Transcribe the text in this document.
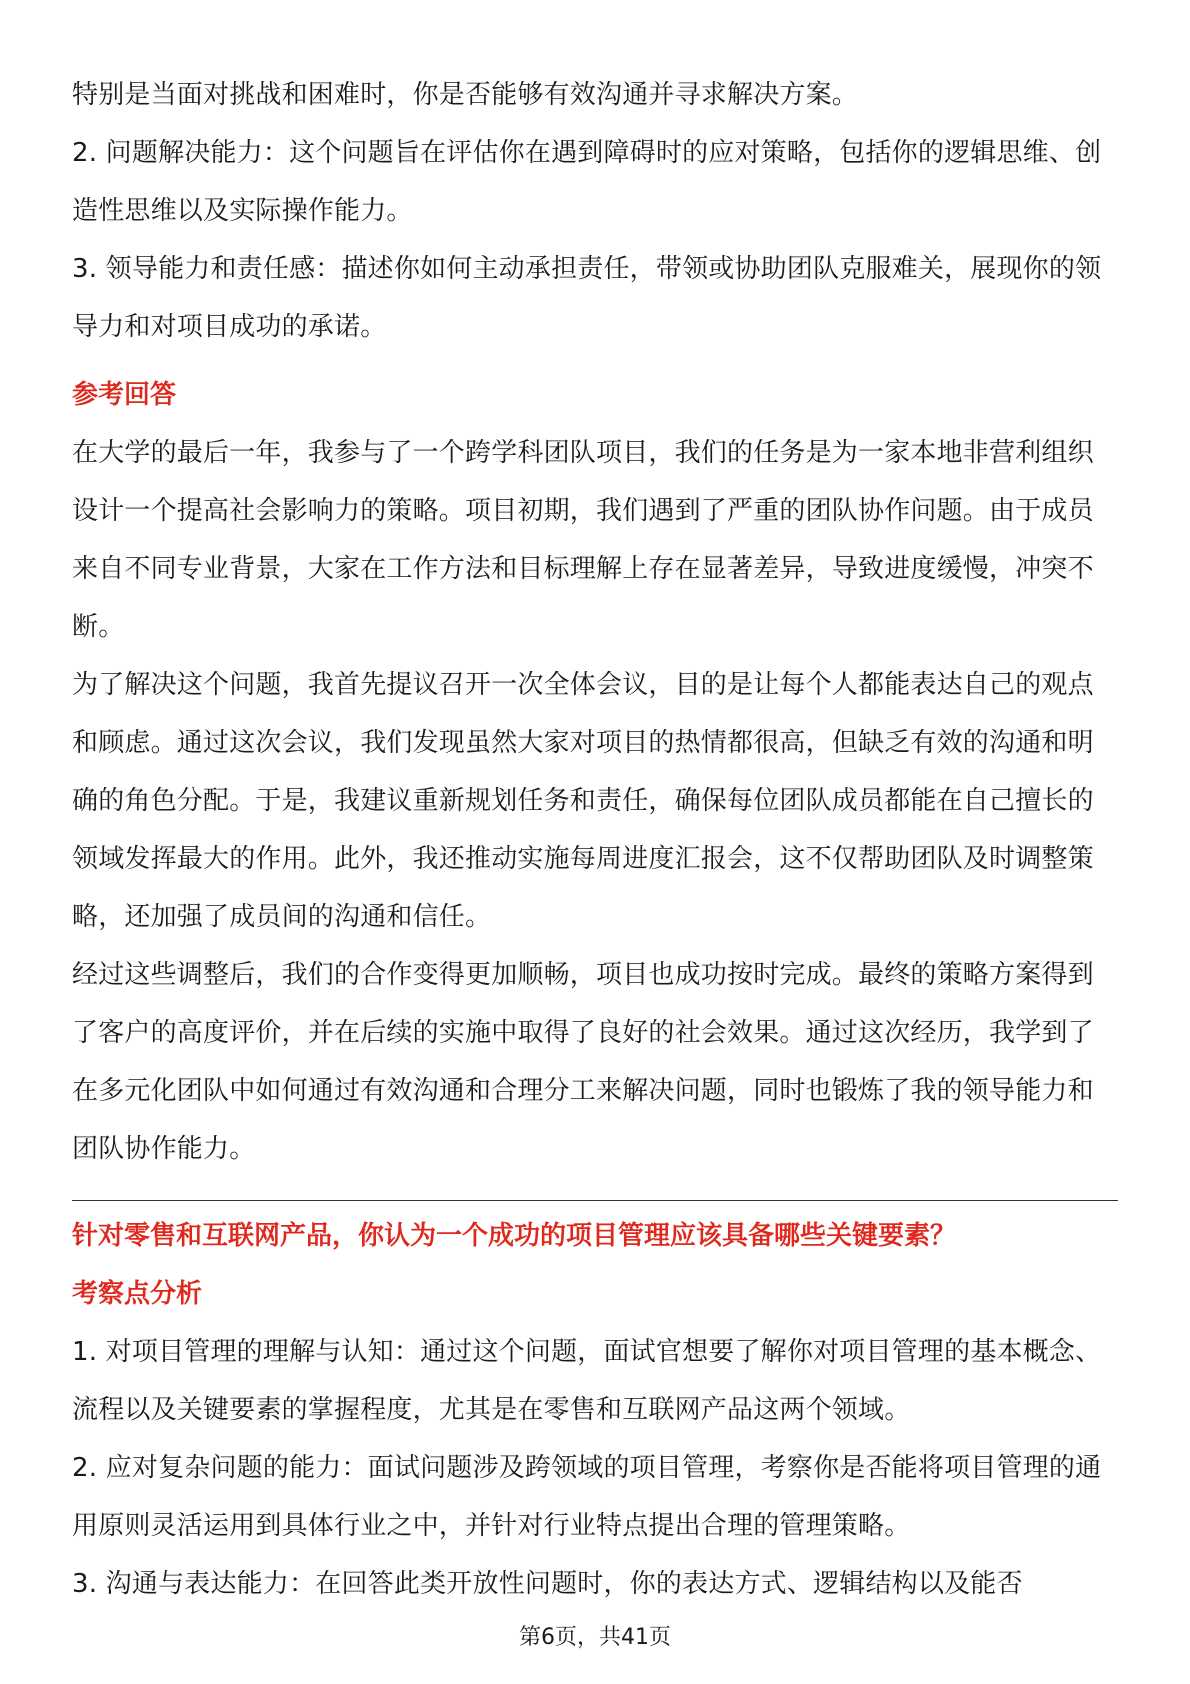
特别是当面对挑战和困难时，你是否能够有效沟通并寻求解决方案。

2. 问题解决能力：这个问题旨在评估你在遇到障碍时的应对策略，包括你的逻辑思维、创造性思维以及实际操作能力。

3. 领导能力和责任感：描述你如何主动承担责任，带领或协助团队克服难关，展现你的领导力和对项目成功的承诺。

参考回答

在大学的最后一年，我参与了一个跨学科团队项目，我们的任务是为一家本地非营利组织设计一个提高社会影响力的策略。项目初期，我们遇到了严重的团队协作问题。由于成员来自不同专业背景，大家在工作方法和目标理解上存在显著差异，导致进度缓慢，冲突不断。

为了解决这个问题，我首先提议召开一次全体会议，目的是让每个人都能表达自己的观点和顾虑。通过这次会议，我们发现虽然大家对项目的热情都很高，但缺乏有效的沟通和明确的角色分配。于是，我建议重新规划任务和责任，确保每位团队成员都能在自己擅长的领域发挥最大的作用。此外，我还推动实施每周进度汇报会，这不仅帮助团队及时调整策略，还加强了成员间的沟通和信任。

经过这些调整后，我们的合作变得更加顺畅，项目也成功按时完成。最终的策略方案得到了客户的高度评价，并在后续的实施中取得了良好的社会效果。通过这次经历，我学到了在多元化团队中如何通过有效沟通和合理分工来解决问题，同时也锻炼了我的领导能力和团队协作能力。

针对零售和互联网产品，你认为一个成功的项目管理应该具备哪些关键要素？

考察点分析

1. 对项目管理的理解与认知：通过这个问题，面试官想要了解你对项目管理的基本概念、流程以及关键要素的掌握程度，尤其是在零售和互联网产品这两个领域。

2. 应对复杂问题的能力：面试问题涉及跨领域的项目管理，考察你是否能将项目管理的通用原则灵活运用到具体行业之中，并针对行业特点提出合理的管理策略。

3. 沟通与表达能力：在回答此类开放性问题时，你的表达方式、逻辑结构以及能否

第6页，共41页
